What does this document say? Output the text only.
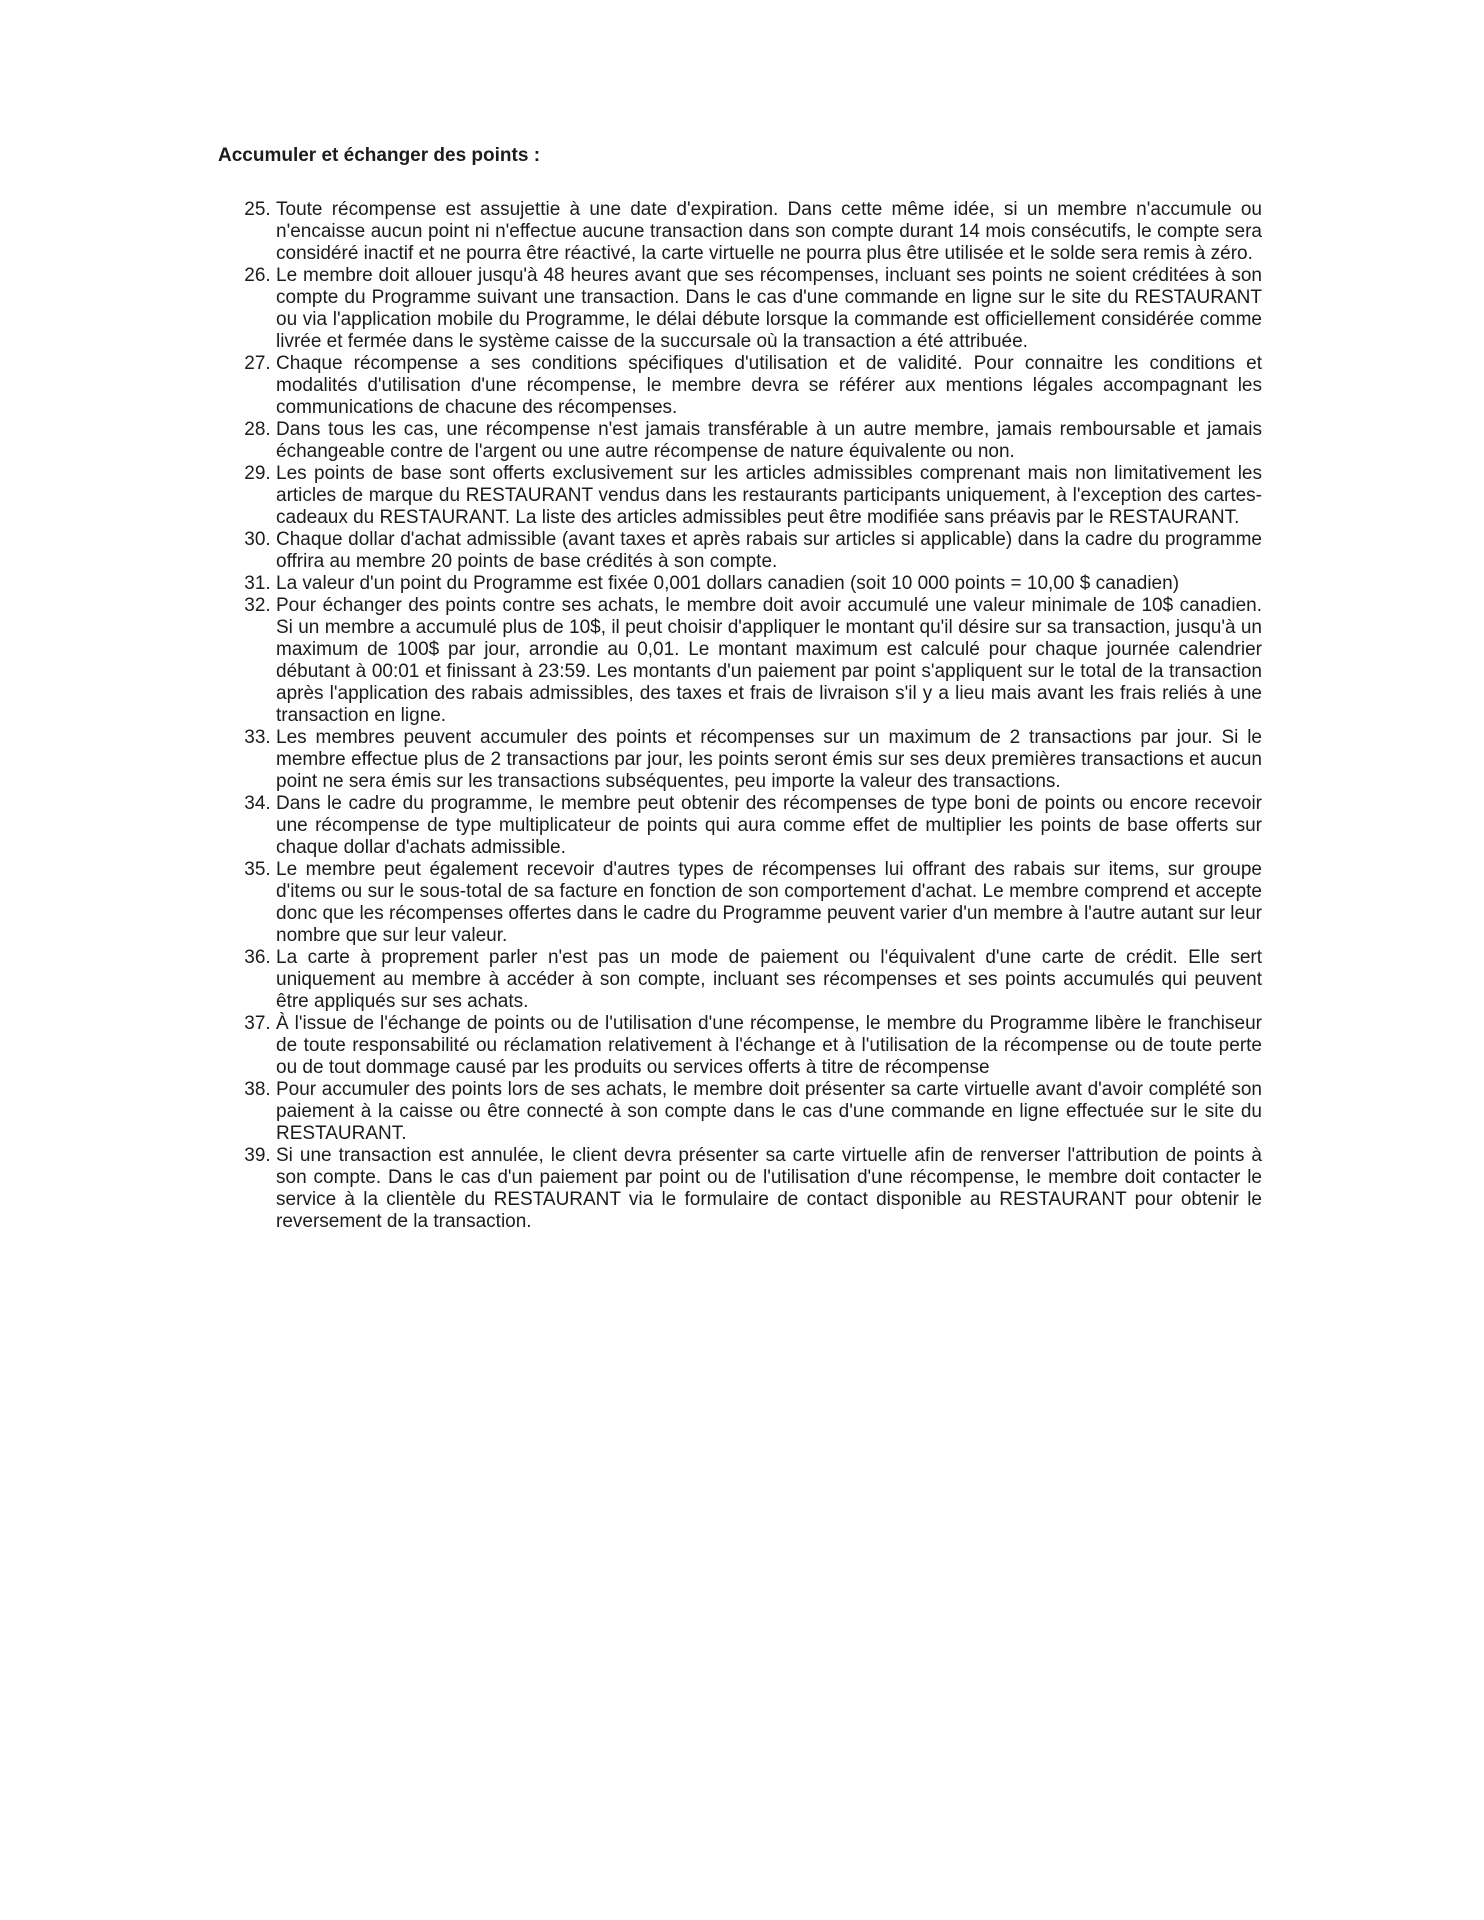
Accumuler et échanger des points :
25. Toute récompense est assujettie à une date d'expiration. Dans cette même idée, si un membre n'accumule ou n'encaisse aucun point ni n'effectue aucune transaction dans son compte durant 14 mois consécutifs, le compte sera considéré inactif et ne pourra être réactivé, la carte virtuelle ne pourra plus être utilisée et le solde sera remis à zéro.
26. Le membre doit allouer jusqu'à 48 heures avant que ses récompenses, incluant ses points ne soient créditées à son compte du Programme suivant une transaction. Dans le cas d'une commande en ligne sur le site du RESTAURANT ou via l'application mobile du Programme, le délai débute lorsque la commande est officiellement considérée comme livrée et fermée dans le système caisse de la succursale où la transaction a été attribuée.
27. Chaque récompense a ses conditions spécifiques d'utilisation et de validité. Pour connaitre les conditions et modalités d'utilisation d'une récompense, le membre devra se référer aux mentions légales accompagnant les communications de chacune des récompenses.
28. Dans tous les cas, une récompense n'est jamais transférable à un autre membre, jamais remboursable et jamais échangeable contre de l'argent ou une autre récompense de nature équivalente ou non.
29. Les points de base sont offerts exclusivement sur les articles admissibles comprenant mais non limitativement les articles de marque du RESTAURANT vendus dans les restaurants participants uniquement, à l'exception des cartes-cadeaux du RESTAURANT. La liste des articles admissibles peut être modifiée sans préavis par le RESTAURANT.
30. Chaque dollar d'achat admissible (avant taxes et après rabais sur articles si applicable) dans la cadre du programme offrira au membre 20 points de base crédités à son compte.
31. La valeur d'un point du Programme est fixée 0,001 dollars canadien (soit 10 000 points = 10,00 $ canadien)
32. Pour échanger des points contre ses achats, le membre doit avoir accumulé une valeur minimale de 10$ canadien. Si un membre a accumulé plus de 10$, il peut choisir d'appliquer le montant qu'il désire sur sa transaction, jusqu'à un maximum de 100$ par jour, arrondie au 0,01. Le montant maximum est calculé pour chaque journée calendrier débutant à 00:01 et finissant à 23:59. Les montants d'un paiement par point s'appliquent sur le total de la transaction après l'application des rabais admissibles, des taxes et frais de livraison s'il y a lieu mais avant les frais reliés à une transaction en ligne.
33. Les membres peuvent accumuler des points et récompenses sur un maximum de 2 transactions par jour. Si le membre effectue plus de 2 transactions par jour, les points seront émis sur ses deux premières transactions et aucun point ne sera émis sur les transactions subséquentes, peu importe la valeur des transactions.
34. Dans le cadre du programme, le membre peut obtenir des récompenses de type boni de points ou encore recevoir une récompense de type multiplicateur de points qui aura comme effet de multiplier les points de base offerts sur chaque dollar d'achats admissible.
35. Le membre peut également recevoir d'autres types de récompenses lui offrant des rabais sur items, sur groupe d'items ou sur le sous-total de sa facture en fonction de son comportement d'achat. Le membre comprend et accepte donc que les récompenses offertes dans le cadre du Programme peuvent varier d'un membre à l'autre autant sur leur nombre que sur leur valeur.
36. La carte à proprement parler n'est pas un mode de paiement ou l'équivalent d'une carte de crédit. Elle sert uniquement au membre à accéder à son compte, incluant ses récompenses et ses points accumulés qui peuvent être appliqués sur ses achats.
37. À l'issue de l'échange de points ou de l'utilisation d'une récompense, le membre du Programme libère le franchiseur de toute responsabilité ou réclamation relativement à l'échange et à l'utilisation de la récompense ou de toute perte ou de tout dommage causé par les produits ou services offerts à titre de récompense
38. Pour accumuler des points lors de ses achats, le membre doit présenter sa carte virtuelle avant d'avoir complété son paiement à la caisse ou être connecté à son compte dans le cas d'une commande en ligne effectuée sur le site du RESTAURANT.
39. Si une transaction est annulée, le client devra présenter sa carte virtuelle afin de renverser l'attribution de points à son compte. Dans le cas d'un paiement par point ou de l'utilisation d'une récompense, le membre doit contacter le service à la clientèle du RESTAURANT via le formulaire de contact disponible au RESTAURANT pour obtenir le reversement de la transaction.
